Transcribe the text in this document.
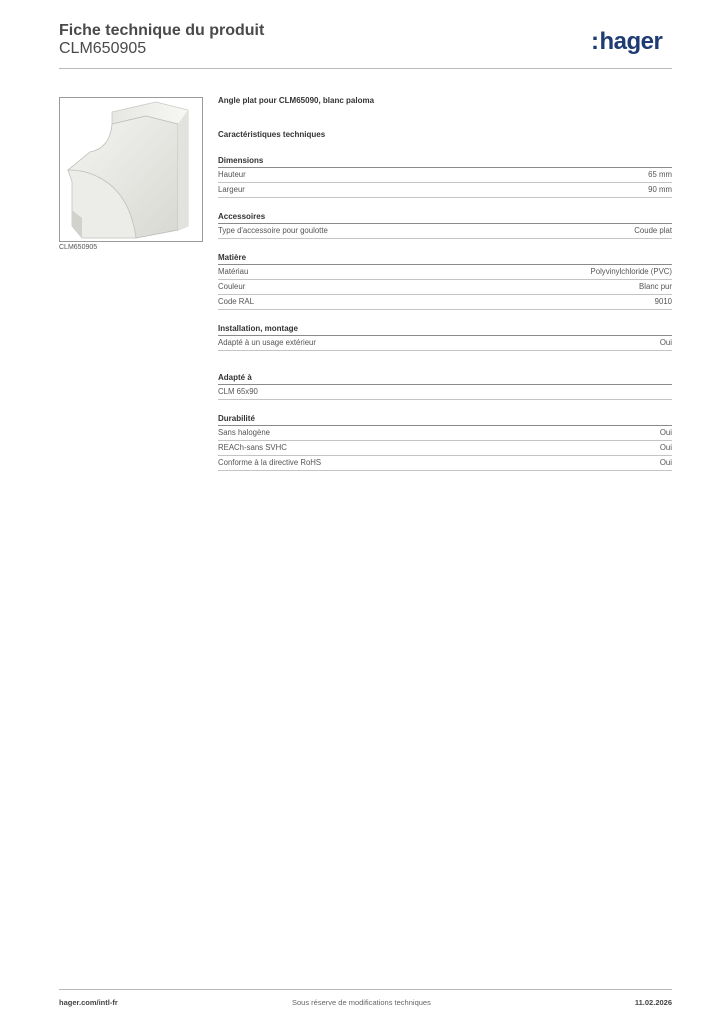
Fiche technique du produit
CLM650905	:hager
CLM650905
Angle plat pour CLM65090, blanc paloma
Caractéristiques techniques
Dimensions
Hauteur	65 mm
Largeur	90 mm
Accessoires
Type d'accessoire pour goulotte	Coude plat
Matière
Matériau	Polyvinylchloride (PVC)
Couleur	Blanc pur
Code RAL	9010
Installation, montage
Adapté à un usage extérieur	Oui
Adapté à
CLM 65x90
Durabilité
Sans halogène	Oui
REACh-sans SVHC	Oui
Conforme à la directive RoHS	Oui
hager.com/intl-fr	Sous réserve de modifications techniques	11.02.2026
